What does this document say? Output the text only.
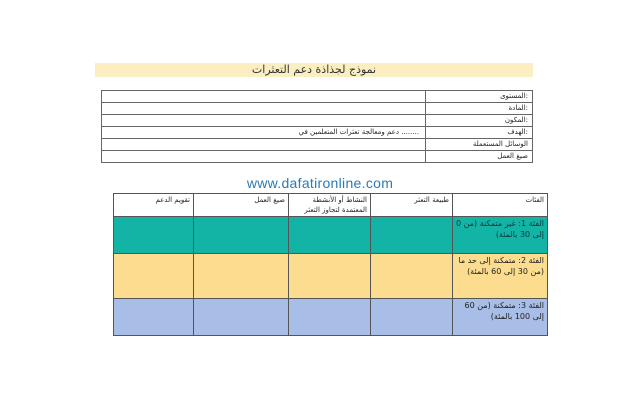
نموذج لجذاذة دعم التعثرات
	المستوى:
	المادة:
	المكون:
دعم ومعالجة تعثرات المتعلمين في ........	الهدف:
	الوسائل المستعملة
	صيغ العمل
www.dafatironline.com
الفئات	طبيعة التعثر	النشاط أو الأنشطة المعتمدة لتجاوز التعثر	صيغ العمل	تقويم الدعم
الفئة 1: غير متمكنة (من 0 إلى 30 بالمئة)				
الفئة 2: متمكنة إلى حد ما (من 30 إلى 60 بالمئة)				
الفئة 3: متمكنة (من 60 إلى 100 بالمئة)				
